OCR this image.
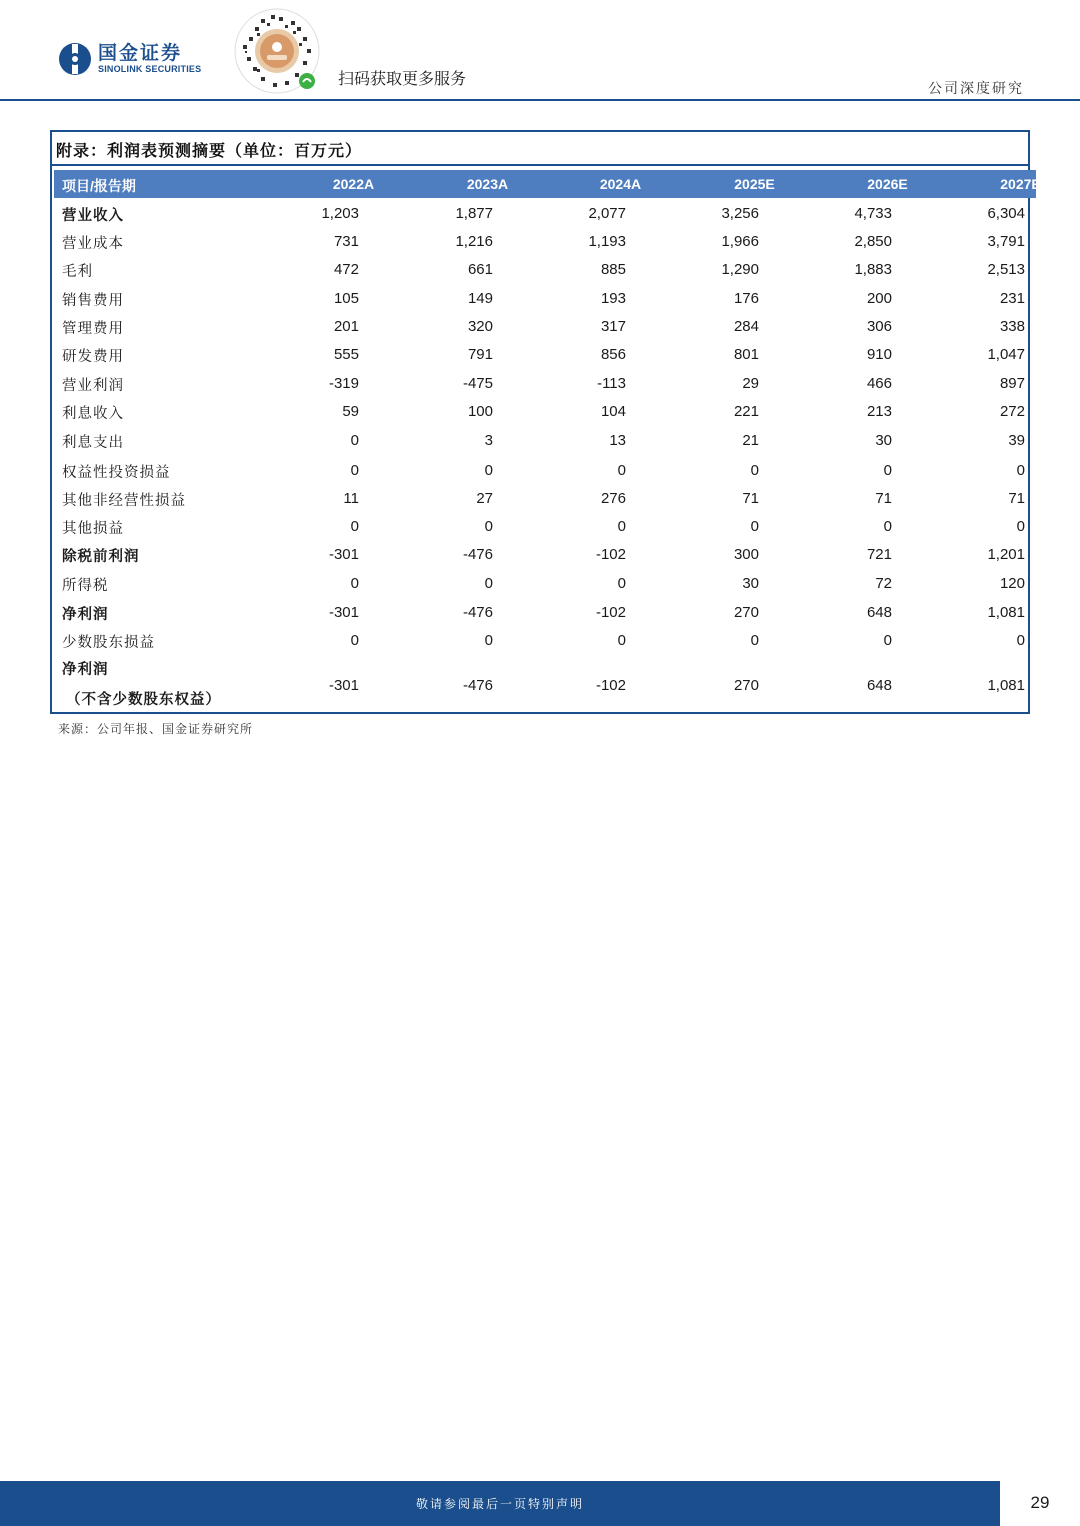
国金证券
SINOLINK SECURITIES	扫码获取更多服务
公司深度研究
附录：利润表预测摘要（单位：百万元）
项目/报告期	2022A	2023A	2024A	2025E	2026E	2027E
营业收入	1,203	1,877	2,077	3,256	4,733	6,304
营业成本	731	1,216	1,193	1,966	2,850	3,791
毛利	472	661	885	1,290	1,883	2,513
销售费用	105	149	193	176	200	231
管理费用	201	320	317	284	306	338
研发费用	555	791	856	801	910	1,047
营业利润	-319	-475	-113	29	466	897
利息收入	59	100	104	221	213	272
利息支出	0	3	13	21	30	39
权益性投资损益	0	0	0	0	0	0
其他非经营性损益	11	27	276	71	71	71
其他损益	0	0	0	0	0	0
除税前利润	-301	-476	-102	300	721	1,201
所得税	0	0	0	30	72	120
净利润	-301	-476	-102	270	648	1,081
少数股东损益	0	0	0	0	0	0
净利润
（不含少数股东权益）
-301	-476	-102	270	648	1,081
来源：公司年报、国金证券研究所
敬请参阅最后一页特别声明	29
